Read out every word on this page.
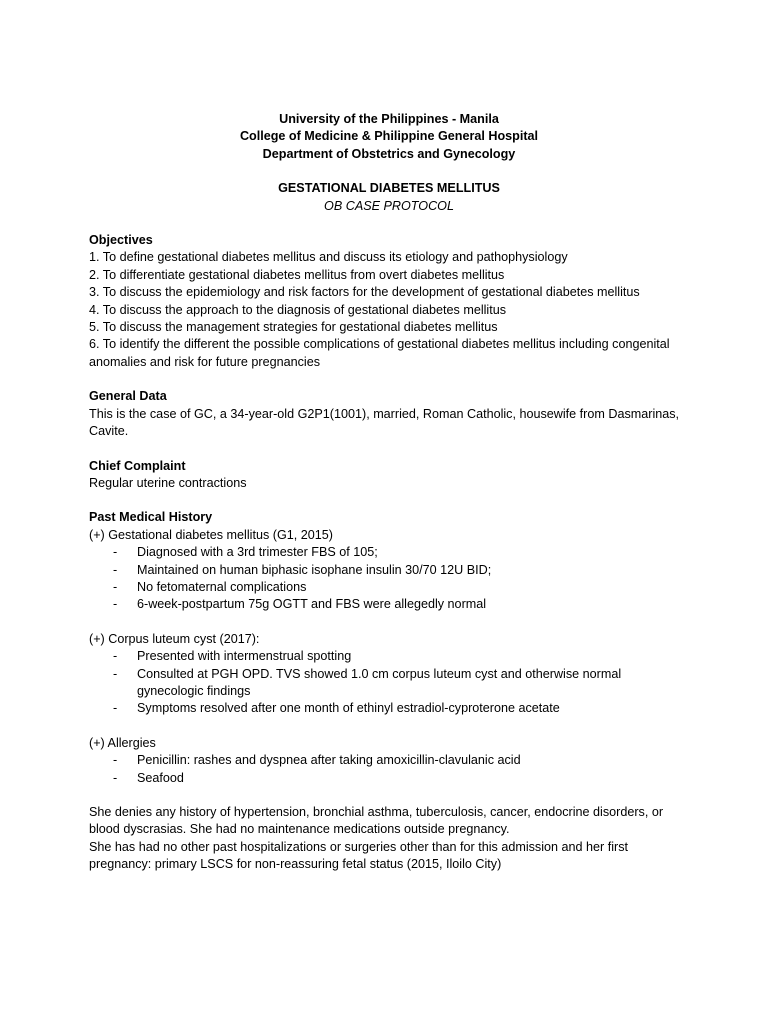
University of the Philippines - Manila
College of Medicine & Philippine General Hospital
Department of Obstetrics and Gynecology
GESTATIONAL DIABETES MELLITUS
OB CASE PROTOCOL
Objectives
1. To define gestational diabetes mellitus and discuss its etiology and pathophysiology
2. To differentiate gestational diabetes mellitus from overt diabetes mellitus
3. To discuss the epidemiology and risk factors for the development of gestational diabetes mellitus
4. To discuss the approach to the diagnosis of gestational diabetes mellitus
5. To discuss the management strategies for gestational diabetes mellitus
6. To identify the different the possible complications of gestational diabetes mellitus including congenital anomalies and risk for future pregnancies
General Data

This is the case of GC, a 34-year-old G2P1(1001), married, Roman Catholic, housewife from Dasmarinas, Cavite.

Chief Complaint

Regular uterine contractions

Past Medical History
(+) Gestational diabetes mellitus (G1, 2015)
- Diagnosed with a 3rd trimester FBS of 105;
- Maintained on human biphasic isophane insulin 30/70 12U BID;
- No fetomaternal complications
- 6-week-postpartum 75g OGTT and FBS were allegedly normal
(+) Corpus luteum cyst (2017):
- Presented with intermenstrual spotting
- Consulted at PGH OPD. TVS showed 1.0 cm corpus luteum cyst and otherwise normal gynecologic findings
- Symptoms resolved after one month of ethinyl estradiol-cyproterone acetate
(+) Allergies
- Penicillin: rashes and dyspnea after taking amoxicillin-clavulanic acid
- Seafood

She denies any history of hypertension, bronchial asthma, tuberculosis, cancer, endocrine disorders, or blood dyscrasias. She had no maintenance medications outside pregnancy.

She has had no other past hospitalizations or surgeries other than for this admission and her first pregnancy: primary LSCS for non-reassuring fetal status (2015, Iloilo City)
